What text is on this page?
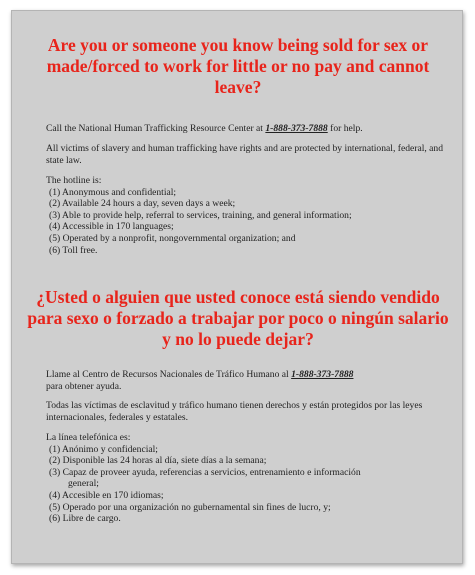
Are you or someone you know being sold for sex or made/forced to work for little or no pay and cannot leave?

Call the National Human Trafficking Resource Center at 1-888-373-7888 for help.

All victims of slavery and human trafficking have rights and are protected by international, federal, and state law.

The hotline is:
(1) Anonymous and confidential;
(2) Available 24 hours a day, seven days a week;
(3) Able to provide help, referral to services, training, and general information;
(4) Accessible in 170 languages;
(5) Operated by a nonprofit, nongovernmental organization; and
(6) Toll free.
¿Usted o alguien que usted conoce está siendo vendido para sexo o forzado a trabajar por poco o ningún salario y no lo puede dejar?

Llame al Centro de Recursos Nacionales de Tráfico Humano al 1-888-373-7888
para obtener ayuda.

Todas las víctimas de esclavitud y tráfico humano tienen derechos y están protegidos por las leyes internacionales, federales y estatales.

La línea telefónica es:
(1) Anónimo y confidencial;
(2) Disponible las 24 horas al día, siete días a la semana;
(3) Capaz de proveer ayuda, referencias a servicios, entrenamiento e información
general;
(4) Accesible en 170 idiomas;
(5) Operado por una organización no gubernamental sin fines de lucro, y;
(6) Libre de cargo.
